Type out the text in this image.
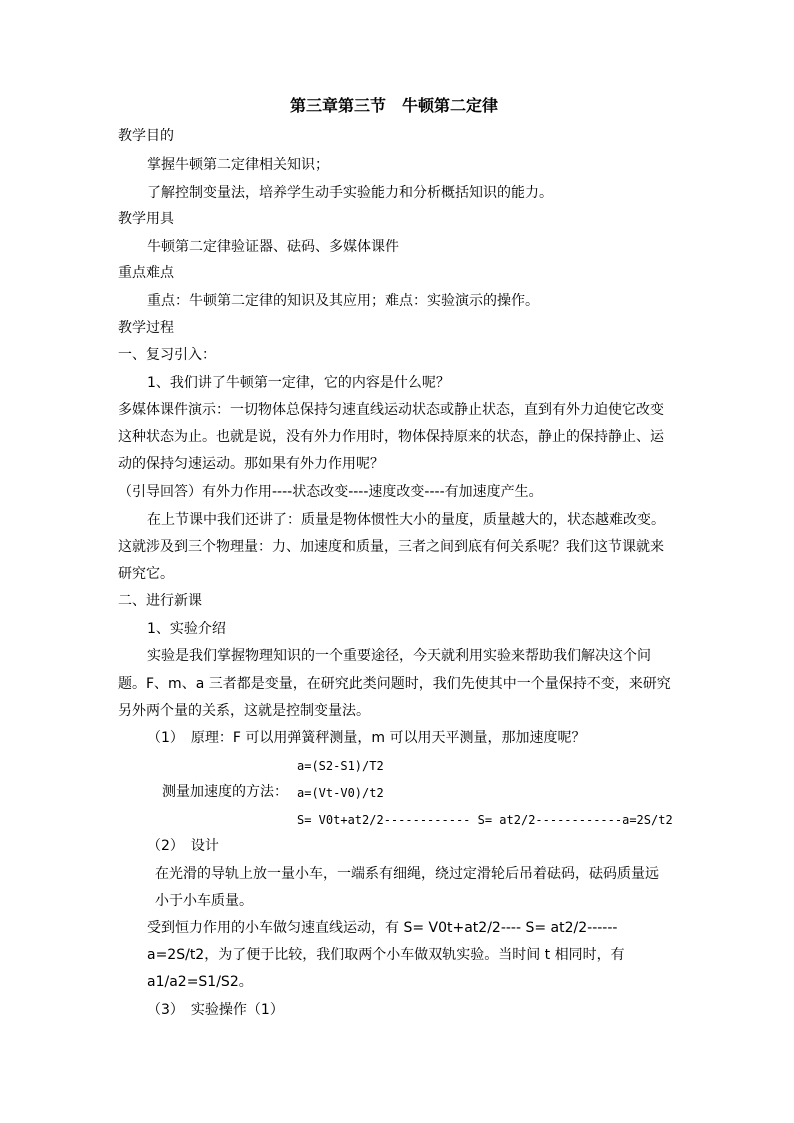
第三章第三节　牛顿第二定律
教学目的
掌握牛顿第二定律相关知识；
了解控制变量法，培养学生动手实验能力和分析概括知识的能力。
教学用具
牛顿第二定律验证器、砝码、多媒体课件
重点难点
重点：牛顿第二定律的知识及其应用；难点：实验演示的操作。
教学过程
一、复习引入：
1、我们讲了牛顿第一定律，它的内容是什么呢？
多媒体课件演示：一切物体总保持匀速直线运动状态或静止状态，直到有外力迫使它改变
这种状态为止。也就是说，没有外力作用时，物体保持原来的状态，静止的保持静止、运
动的保持匀速运动。那如果有外力作用呢？
（引导回答）有外力作用----状态改变----速度改变----有加速度产生。
在上节课中我们还讲了：质量是物体惯性大小的量度，质量越大的，状态越难改变。
这就涉及到三个物理量：力、加速度和质量，三者之间到底有何关系呢？我们这节课就来
研究它。
二、进行新课
1、实验介绍
实验是我们掌握物理知识的一个重要途径，今天就利用实验来帮助我们解决这个问
题。F、m、a 三者都是变量，在研究此类问题时，我们先使其中一个量保持不变，来研究
另外两个量的关系，这就是控制变量法。
（1）　原理：F 可以用弹簧秤测量，m 可以用天平测量，那加速度呢？
a=(S2-S1)/T2
测量加速度的方法： a=(Vt-V0)/t2
S= V0t+at2/2------------ S= at2/2------------a=2S/t2
（2）　设计
在光滑的导轨上放一量小车，一端系有细绳，绕过定滑轮后吊着砝码，砝码质量远
小于小车质量。
受到恒力作用的小车做匀速直线运动，有 S= V0t+at2/2---- S= at2/2------
a=2S/t2，为了便于比较，我们取两个小车做双轨实验。当时间 t 相同时，有
a1/a2=S1/S2。
（3）　实验操作（1）
